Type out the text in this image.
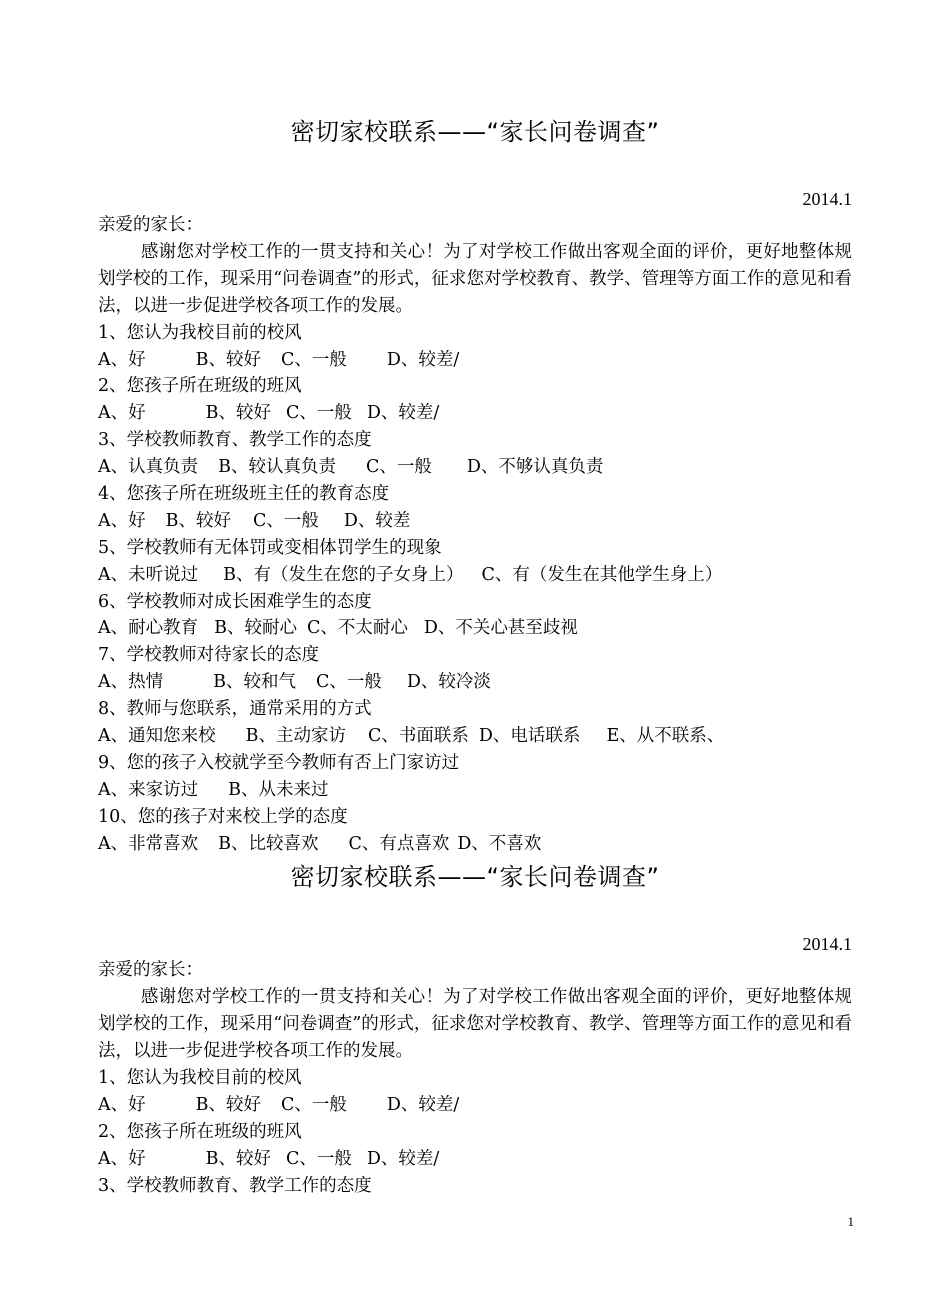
密切家校联系——“家长问卷调查”
2014.1
亲爱的家长：
感谢您对学校工作的一贯支持和关心！为了对学校工作做出客观全面的评价，更好地整体规划学校的工作，现采用“问卷调查”的形式，征求您对学校教育、教学、管理等方面工作的意见和看法，以进一步促进学校各项工作的发展。
1、您认为我校目前的校风
A、好	B、较好 C、一般 D、较差/
2、您孩子所在班级的班风
A、好	B、较好 C、一般 D、较差/
3、学校教师教育、教学工作的态度
A、认真负责 B、较认真负责 C、一般 D、不够认真负责
4、您孩子所在班级班主任的教育态度
A、好 B、较好 C、一般 D、较差
5、学校教师有无体罚或变相体罚学生的现象
A、未听说过 B、有（发生在您的子女身上） C、有（发生在其他学生身上）
6、学校教师对成长困难学生的态度
A、耐心教育 B、较耐心 C、不太耐心 D、不关心甚至歧视
7、学校教师对待家长的态度
A、热情	B、较和气 C、一般 D、较冷淡
8、教师与您联系，通常采用的方式
A、通知您来校 B、主动家访 C、书面联系 D、电话联系 E、从不联系、
9、您的孩子入校就学至今教师有否上门家访过
A、来家访过 B、从未来过
10、您的孩子对来校上学的态度
A、非常喜欢 B、比较喜欢 C、有点喜欢 D、不喜欢
密切家校联系——“家长问卷调查”
2014.1
亲爱的家长：
感谢您对学校工作的一贯支持和关心！为了对学校工作做出客观全面的评价，更好地整体规划学校的工作，现采用“问卷调查”的形式，征求您对学校教育、教学、管理等方面工作的意见和看法，以进一步促进学校各项工作的发展。
1、您认为我校目前的校风
A、好	B、较好 C、一般 D、较差/
2、您孩子所在班级的班风
A、好	B、较好 C、一般 D、较差/
3、学校教师教育、教学工作的态度
1
